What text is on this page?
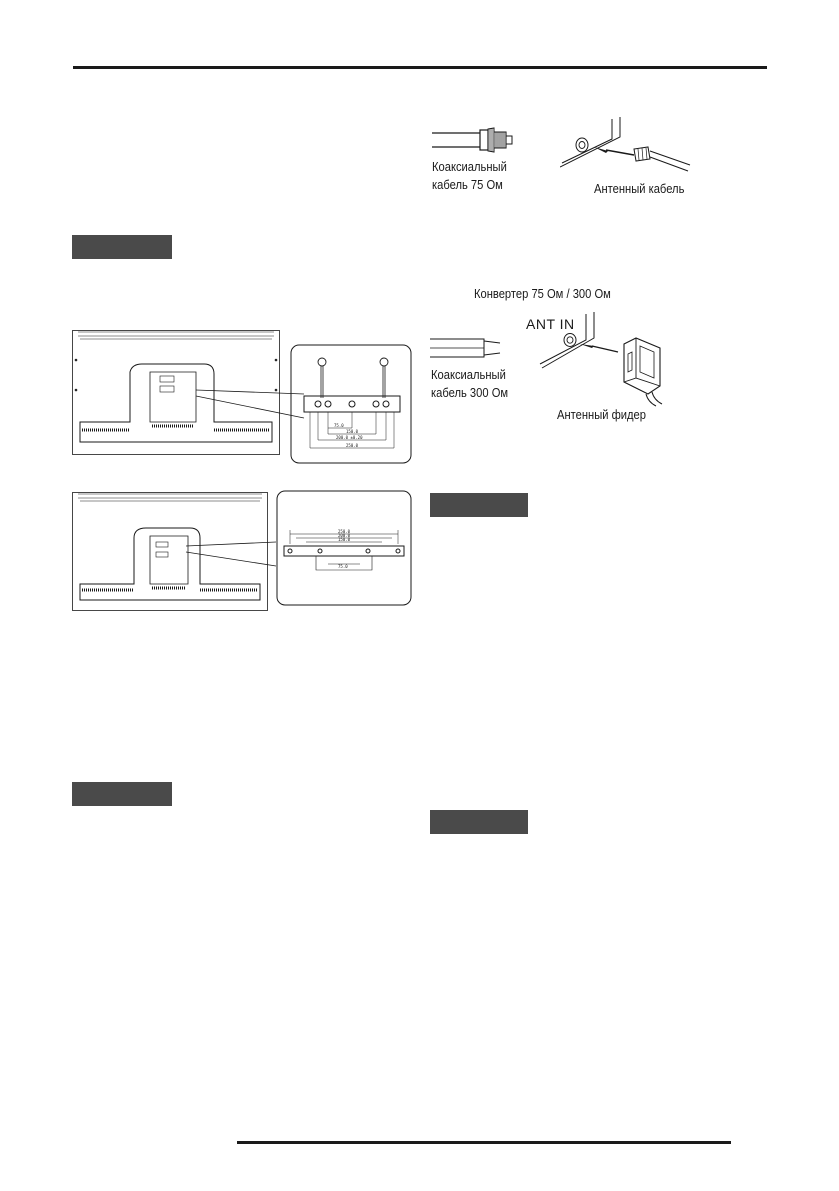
Коаксиальный
кабель 75 Ом	Антенный кабель
Конвертер 75 Ом / 300 Ом
Коаксиальный
кабель 300 Ом
ANT IN
Антенный фидер
75.0
150.0
200.0 ±0.20
250.0
250.0
200.0
150.0
75.0
